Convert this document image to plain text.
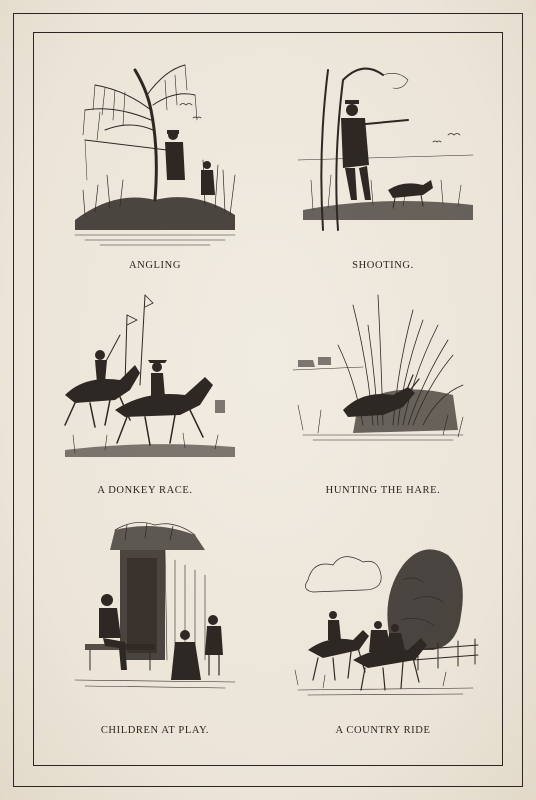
ANGLING	SHOOTING.
A DONKEY RACE.	HUNTING THE HARE.
CHILDREN AT PLAY.	A COUNTRY RIDE
